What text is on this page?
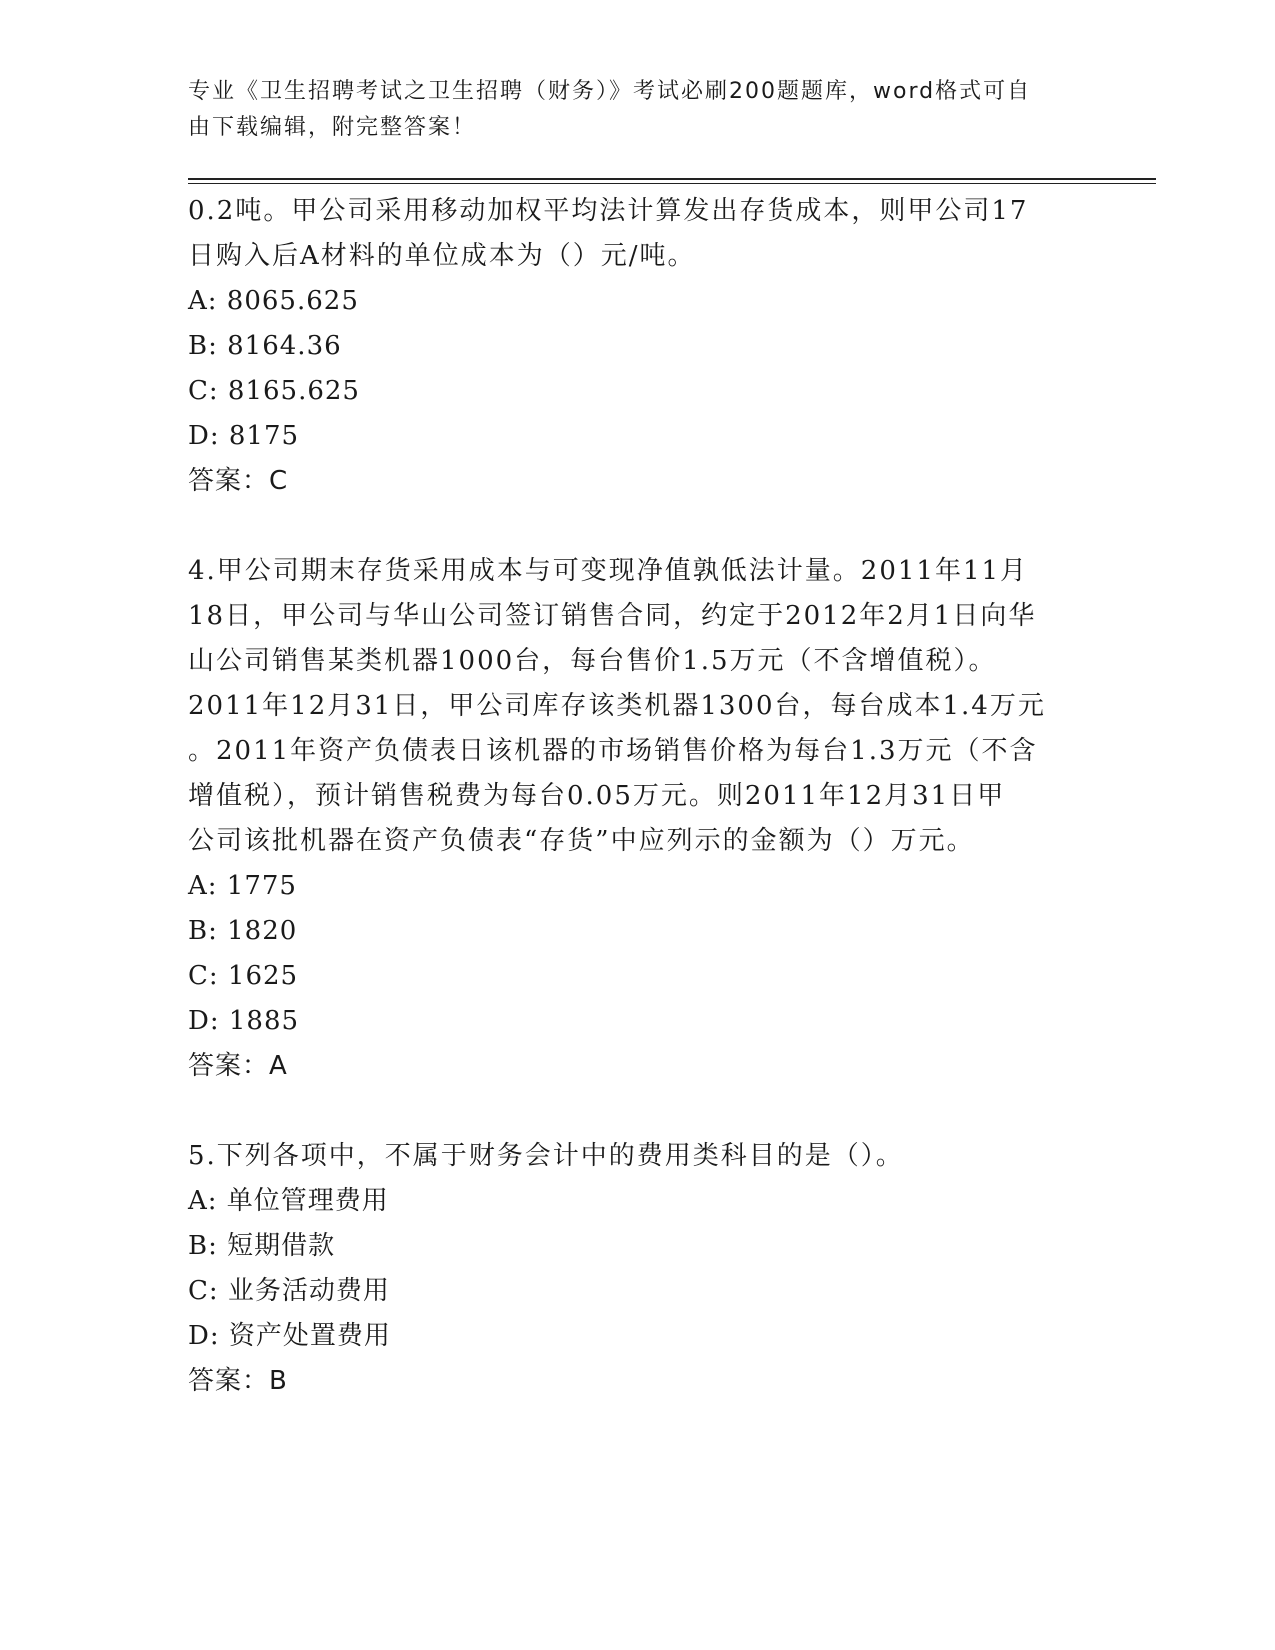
专业《卫生招聘考试之卫生招聘（财务）》考试必刷200题题库，word格式可自
由下载编辑，附完整答案！

0.2吨。甲公司采用移动加权平均法计算发出存货成本，则甲公司17

日购入后A材料的单位成本为（）元/吨。

A: 8065.625

B: 8164.36

C: 8165.625

D: 8175

答案：C

4.甲公司期末存货采用成本与可变现净值孰低法计量。2011年11月

18日，甲公司与华山公司签订销售合同，约定于2012年2月1日向华

山公司销售某类机器1000台，每台售价1.5万元（不含增值税）。

2011年12月31日，甲公司库存该类机器1300台，每台成本1.4万元

。2011年资产负债表日该机器的市场销售价格为每台1.3万元（不含

增值税），预计销售税费为每台0.05万元。则2011年12月31日甲

公司该批机器在资产负债表“存货”中应列示的金额为（）万元。

A: 1775

B: 1820

C: 1625

D: 1885

答案：A

5.下列各项中，不属于财务会计中的费用类科目的是（）。

A: 单位管理费用

B: 短期借款

C: 业务活动费用

D: 资产处置费用

答案：B
